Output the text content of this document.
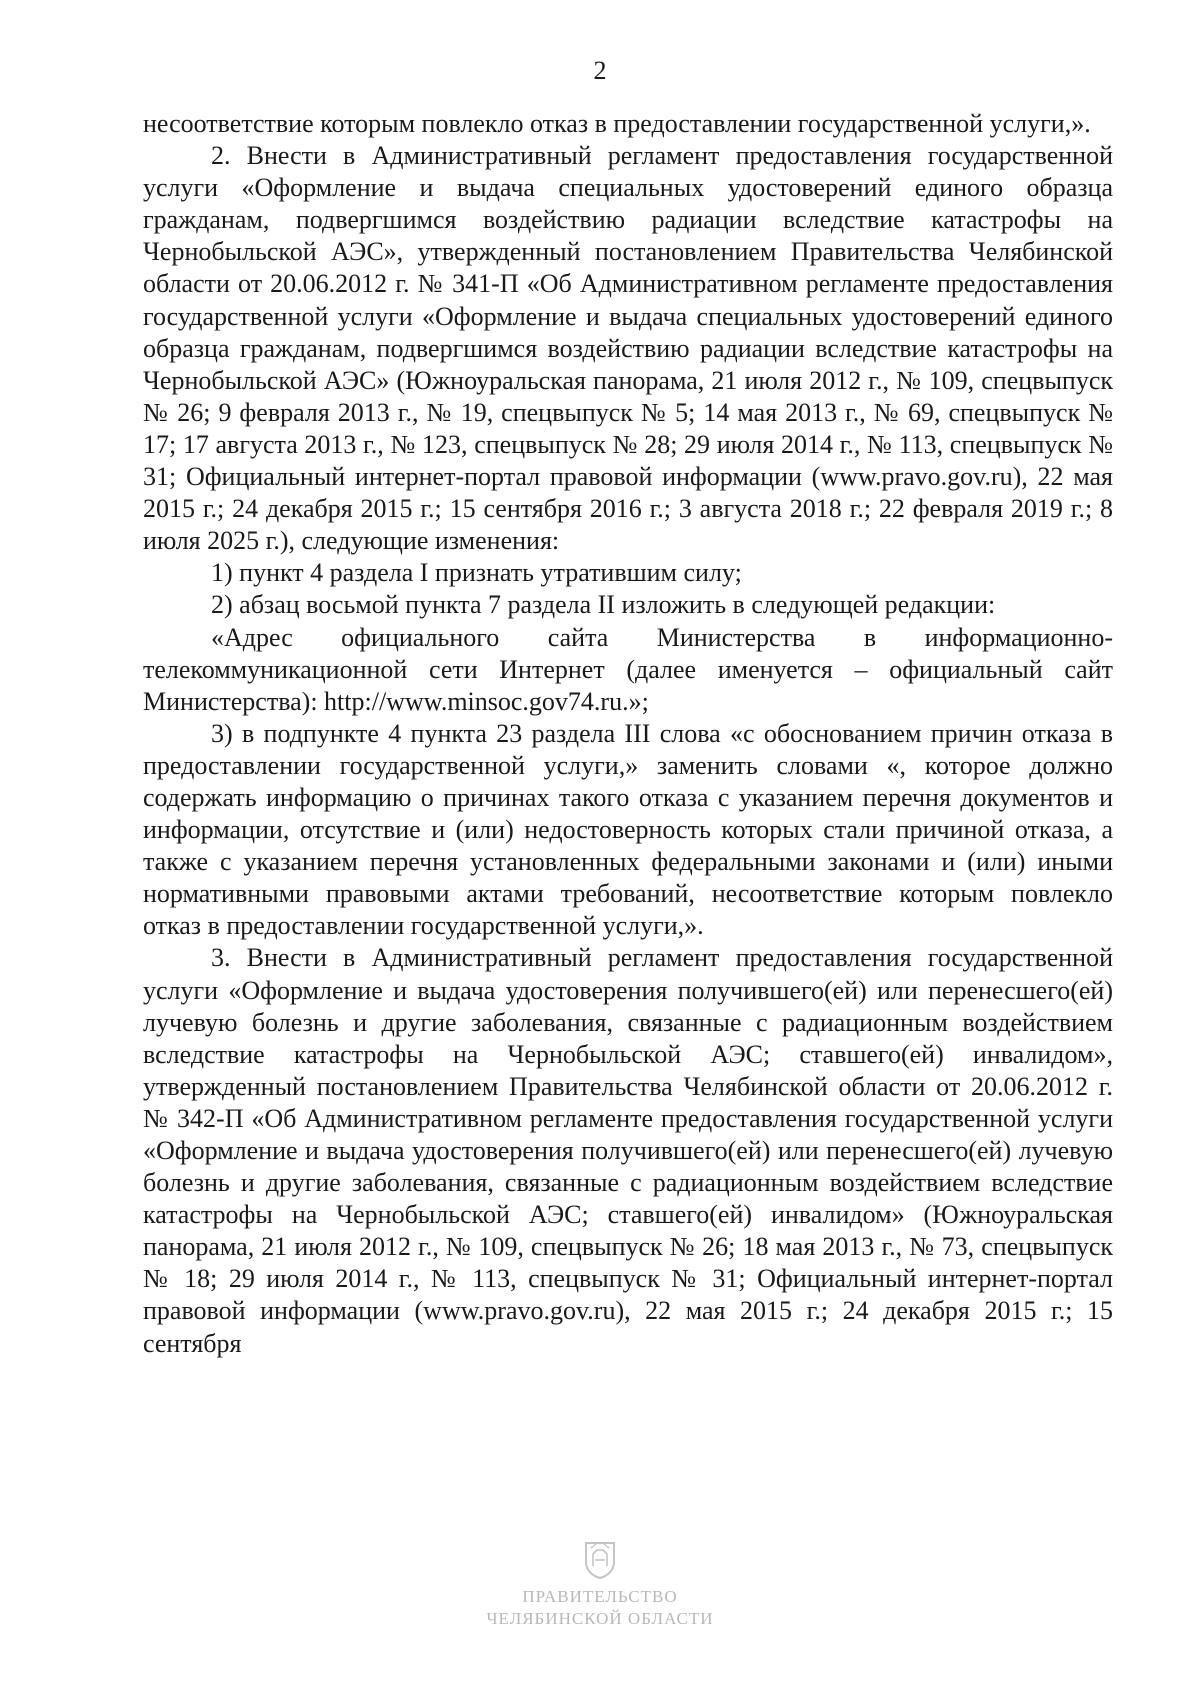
2

несоответствие которым повлекло отказ в предоставлении государственной услуги,».

2. Внести в Административный регламент предоставления государственной услуги «Оформление и выдача специальных удостоверений единого образца гражданам, подвергшимся воздействию радиации вследствие катастрофы на Чернобыльской АЭС», утвержденный постановлением Правительства Челябинской области от 20.06.2012 г. № 341-П «Об Административном регламенте предоставления государственной услуги «Оформление и выдача специальных удостоверений единого образца гражданам, подвергшимся воздействию радиации вследствие катастрофы на Чернобыльской АЭС» (Южноуральская панорама, 21 июля 2012 г., № 109, спецвыпуск № 26; 9 февраля 2013 г., № 19, спецвыпуск № 5; 14 мая 2013 г., № 69, спецвыпуск № 17; 17 августа 2013 г., № 123, спецвыпуск № 28; 29 июля 2014 г., № 113, спецвыпуск № 31; Официальный интернет-портал правовой информации (www.pravo.gov.ru), 22 мая 2015 г.; 24 декабря 2015 г.; 15 сентября 2016 г.; 3 августа 2018 г.; 22 февраля 2019 г.; 8 июля 2025 г.), следующие изменения:

1) пункт 4 раздела I признать утратившим силу;

2) абзац восьмой пункта 7 раздела II изложить в следующей редакции:

«Адрес официального сайта Министерства в информационно-телекоммуникационной сети Интернет (далее именуется – официальный сайт Министерства): http://www.minsoc.gov74.ru.»;

3) в подпункте 4 пункта 23 раздела III слова «с обоснованием причин отказа в предоставлении государственной услуги,» заменить словами «, которое должно содержать информацию о причинах такого отказа с указанием перечня документов и информации, отсутствие и (или) недостоверность которых стали причиной отказа, а также с указанием перечня установленных федеральными законами и (или) иными нормативными правовыми актами требований, несоответствие которым повлекло отказ в предоставлении государственной услуги,».

3. Внести в Административный регламент предоставления государственной услуги «Оформление и выдача удостоверения получившего(ей) или перенесшего(ей) лучевую болезнь и другие заболевания, связанные с радиационным воздействием вследствие катастрофы на Чернобыльской АЭС; ставшего(ей) инвалидом», утвержденный постановлением Правительства Челябинской области от 20.06.2012 г. № 342-П «Об Административном регламенте предоставления государственной услуги «Оформление и выдача удостоверения получившего(ей) или перенесшего(ей) лучевую болезнь и другие заболевания, связанные с радиационным воздействием вследствие катастрофы на Чернобыльской АЭС; ставшего(ей) инвалидом» (Южноуральская панорама, 21 июля 2012 г., № 109, спецвыпуск № 26; 18 мая 2013 г., № 73, спецвыпуск № 18; 29 июля 2014 г., № 113, спецвыпуск № 31; Официальный интернет-портал правовой информации (www.pravo.gov.ru), 22 мая 2015 г.; 24 декабря 2015 г.; 15 сентября

ПРАВИТЕЛЬСТВО
ЧЕЛЯБИНСКОЙ ОБЛАСТИ
